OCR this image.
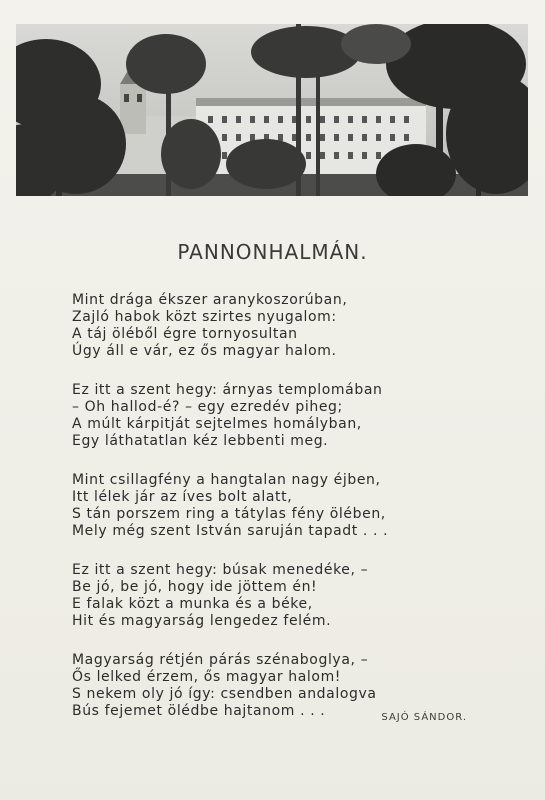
PANNONHALMÁN.
Mint drága ékszer aranykoszorúban,
Zajló habok közt szirtes nyugalom:
A táj öléből égre tornyosultan
Úgy áll e vár, ez ős magyar halom.
Ez itt a szent hegy: árnyas templomában
– Oh hallod-é? – egy ezredév piheg;
A múlt kárpitját sejtelmes homályban,
Egy láthatatlan kéz lebbenti meg.
Mint csillagfény a hangtalan nagy éjben,
Itt lélek jár az íves bolt alatt,
S tán porszem ring a tátylas fény ölében,
Mely még szent István saruján tapadt . . .
Ez itt a szent hegy: búsak menedéke, –
Be jó, be jó, hogy ide jöttem én!
E falak közt a munka és a béke,
Hit és magyarság lengedez felém.
Magyarság rétjén párás szénaboglya, –
Ős lelked érzem, ős magyar halom!
S nekem oly jó így: csendben andalogva
Bús fejemet ölédbe hajtanom . . .	SAJÓ SÁNDOR.
